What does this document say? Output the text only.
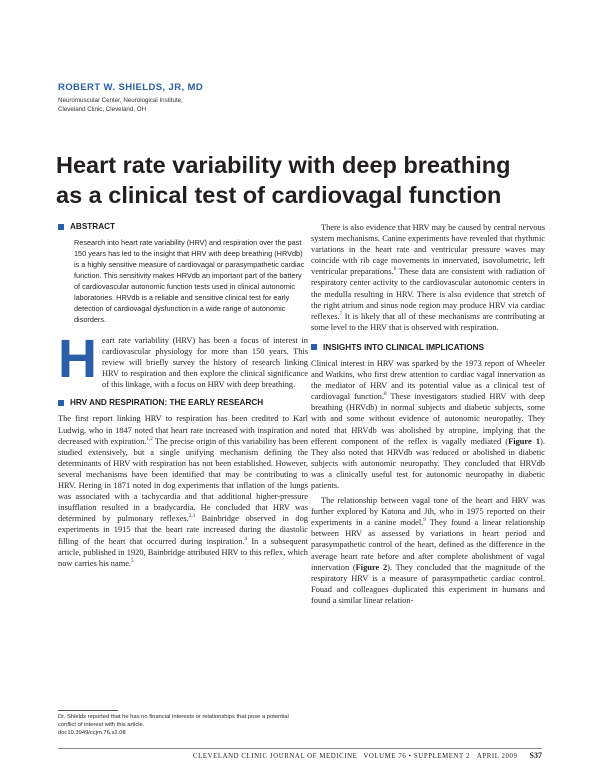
ROBERT W. SHIELDS, JR, MD

Neuromuscular Center, Neurological Institute,

Cleveland Clinic, Cleveland, OH

Heart rate variability with deep breathing
as a clinical test of cardiovagal function
ABSTRACT

Research into heart rate variability (HRV) and respiration over the past 150 years has led to the insight that HRV with deep breathing (HRVdb) is a highly sensitive measure of cardiovagal or parasympathetic cardiac function. This sensitivity makes HRVdb an important part of the battery of cardiovascular autonomic function tests used in clinical autonomic laboratories. HRVdb is a reliable and sensitive clinical test for early detection of cardiovagal dysfunction in a wide range of autonomic disorders.

H eart rate variability (HRV) has been a focus of interest in cardiovascular physiology for more than 150 years. This review will briefly survey the history of research linking HRV to respiration and then explore the clinical significance of this linkage, with a focus on HRV with deep breathing.

HRV AND RESPIRATION: THE EARLY RESEARCH

The first report linking HRV to respiration has been credited to Karl Ludwig, who in 1847 noted that heart rate increased with inspiration and decreased with expiration.$^{1,2}$ The precise origin of this variability has been studied extensively, but a single unifying mechanism defining the determinants of HRV with respiration has not been established. However, several mechanisms have been identified that may be contributing to HRV. Hering in 1871 noted in dog experiments that inflation of the lungs was associated with a tachycardia and that additional higher-pressure insufflation resulted in a bradycardia. He concluded that HRV was determined by pulmonary reflexes.$^{2,3}$ Bainbridge observed in dog experiments in 1915 that the heart rate increased during the diastolic filling of the heart that occurred during inspiration.$^4$ In a subsequent article, published in 1920, Bainbridge attributed HRV to this reflex, which now carries his name.$^5$

There is also evidence that HRV may be caused by central nervous system mechanisms. Canine experiments have revealed that rhythmic variations in the heart rate and ventricular pressure waves may coincide with rib cage movements in innervated, isovolumetric, left ventricular preparations.$^6$ These data are consistent with radiation of respiratory center activity to the cardiovascular autonomic centers in the medulla resulting in HRV. There is also evidence that stretch of the right atrium and sinus node region may produce HRV via cardiac reflexes.$^7$ It is likely that all of these mechanisms are contributing at some level to the HRV that is observed with respiration.

INSIGHTS INTO CLINICAL IMPLICATIONS

Clinical interest in HRV was sparked by the 1973 report of Wheeler and Watkins, who first drew attention to cardiac vagal innervation as the mediator of HRV and its potential value as a clinical test of cardiovagal function.$^8$ These investigators studied HRV with deep breathing (HRVdb) in normal subjects and diabetic subjects, some with and some without evidence of autonomic neuropathy. They noted that HRVdb was abolished by atropine, implying that the efferent component of the reflex is vagally mediated (Figure 1). They also noted that HRVdb was reduced or abolished in diabetic subjects with autonomic neuropathy. They concluded that HRVdb was a clinically useful test for autonomic neuropathy in diabetic patients.

The relationship between vagal tone of the heart and HRV was further explored by Katona and Jih, who in 1975 reported on their experiments in a canine model.$^9$ They found a linear relationship between HRV as assessed by variations in heart period and parasympathetic control of the heart, defined as the difference in the average heart rate before and after complete abolishment of vagal innervation (Figure 2). They concluded that the magnitude of the respiratory HRV is a measure of parasympathetic cardiac control. Fouad and colleagues duplicated this experiment in humans and found a similar linear relation-

Dr. Shields reported that he has no financial interests or relationships that pose a potential conflict of interest with this article.
doi:10.3949/ccjm.76.s2.08
CLEVELAND CLINIC JOURNAL OF MEDICINE VOLUME 76
•
SUPPLEMENT 2
APRIL 2009 S37
